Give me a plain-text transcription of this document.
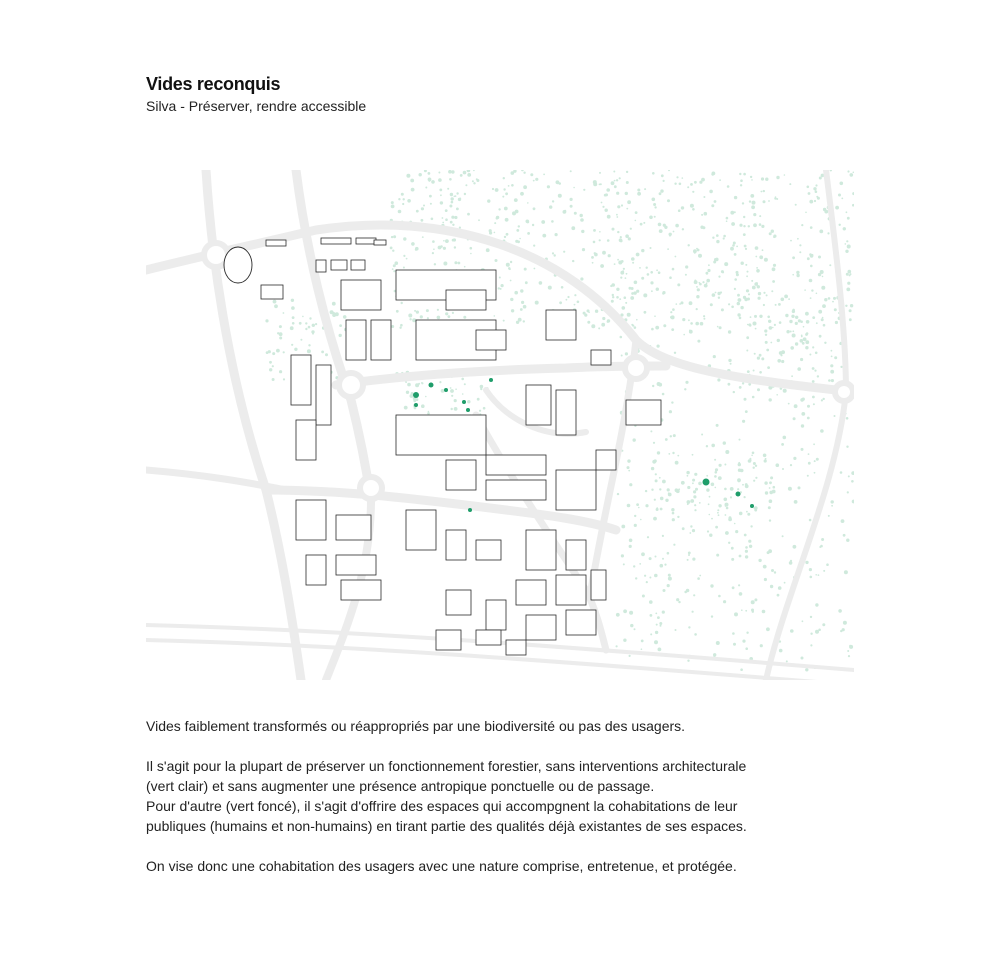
Vides reconquis
Silva - Préserver, rendre accessible

Vides faiblement transformés ou réappropriés par une biodiversité ou pas des usagers.

Il s'agit pour la plupart de préserver un fonctionnement forestier, sans interventions architecturale

(vert clair) et sans augmenter une présence antropique ponctuelle ou de passage.

Pour d'autre (vert foncé), il s'agit d'offrire des espaces qui accompgnent la cohabitations de leur

publiques (humains et non-humains) en tirant partie des qualités déjà existantes de ses espaces.

On vise donc une cohabitation des usagers avec une nature comprise, entretenue, et protégée.
